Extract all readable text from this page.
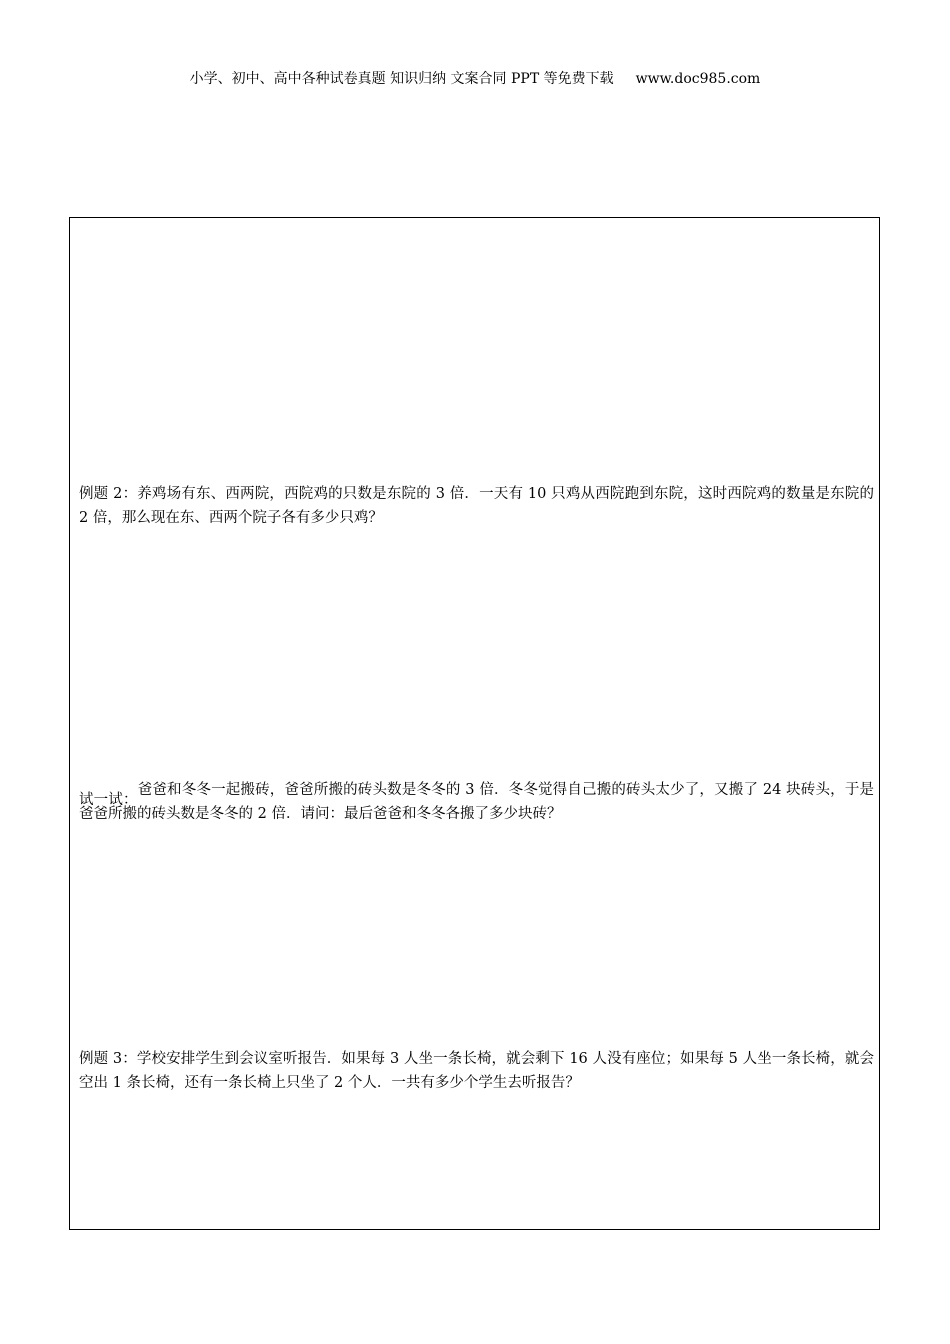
小学、初中、高中各种试卷真题 知识归纳 文案合同 PPT 等免费下载 www.doc985.com
例题 2：养鸡场有东、西两院，西院鸡的只数是东院的 3 倍．一天有 10 只鸡从西院跑到东院，这时西院鸡的数量是东院的 2 倍，那么现在东、西两个院子各有多少只鸡？
试一试：爸爸和冬冬一起搬砖，爸爸所搬的砖头数是冬冬的 3 倍．冬冬觉得自己搬的砖头太少了，又搬了 24 块砖头，于是爸爸所搬的砖头数是冬冬的 2 倍．请问：最后爸爸和冬冬各搬了多少块砖？
例题 3：学校安排学生到会议室听报告．如果每 3 人坐一条长椅，就会剩下 16 人没有座位；如果每 5 人坐一条长椅，就会空出 1 条长椅，还有一条长椅上只坐了 2 个人．一共有多少个学生去听报告？
